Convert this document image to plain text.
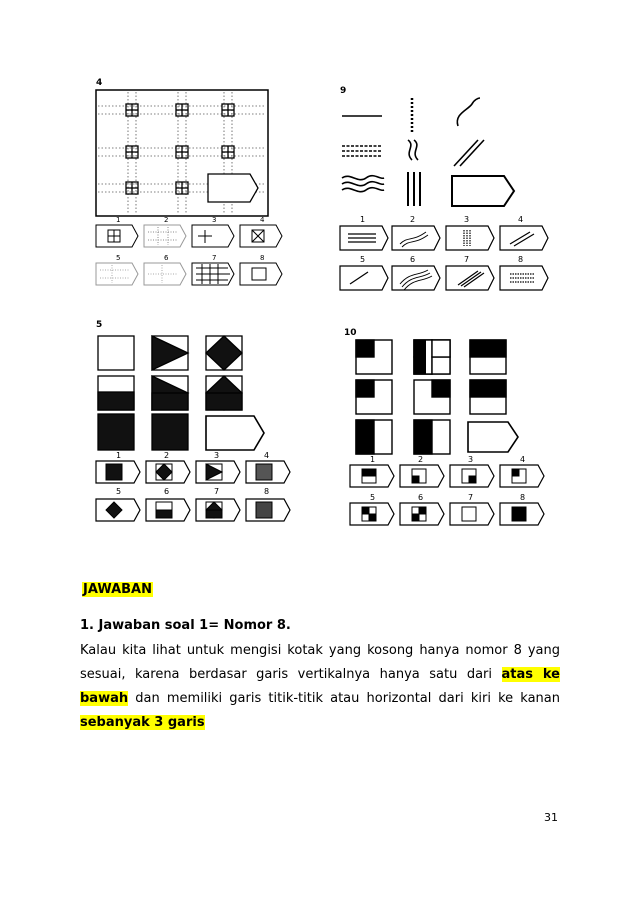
4
1	2	3	4
5	6	7	8
9
1	2	3	4
5	6	7	8
5
1	2	3	4
5	6	7	8
10
1	2	3	4
5	6	7	8
JAWABAN
1. Jawaban soal 1= Nomor 8.
Kalau kita lihat untuk mengisi kotak yang kosong hanya nomor 8 yang sesuai, karena berdasar garis vertikalnya hanya satu dari atas ke bawah dan memiliki garis titik-titik atau horizontal dari kiri ke kanan sebanyak 3 garis
31
